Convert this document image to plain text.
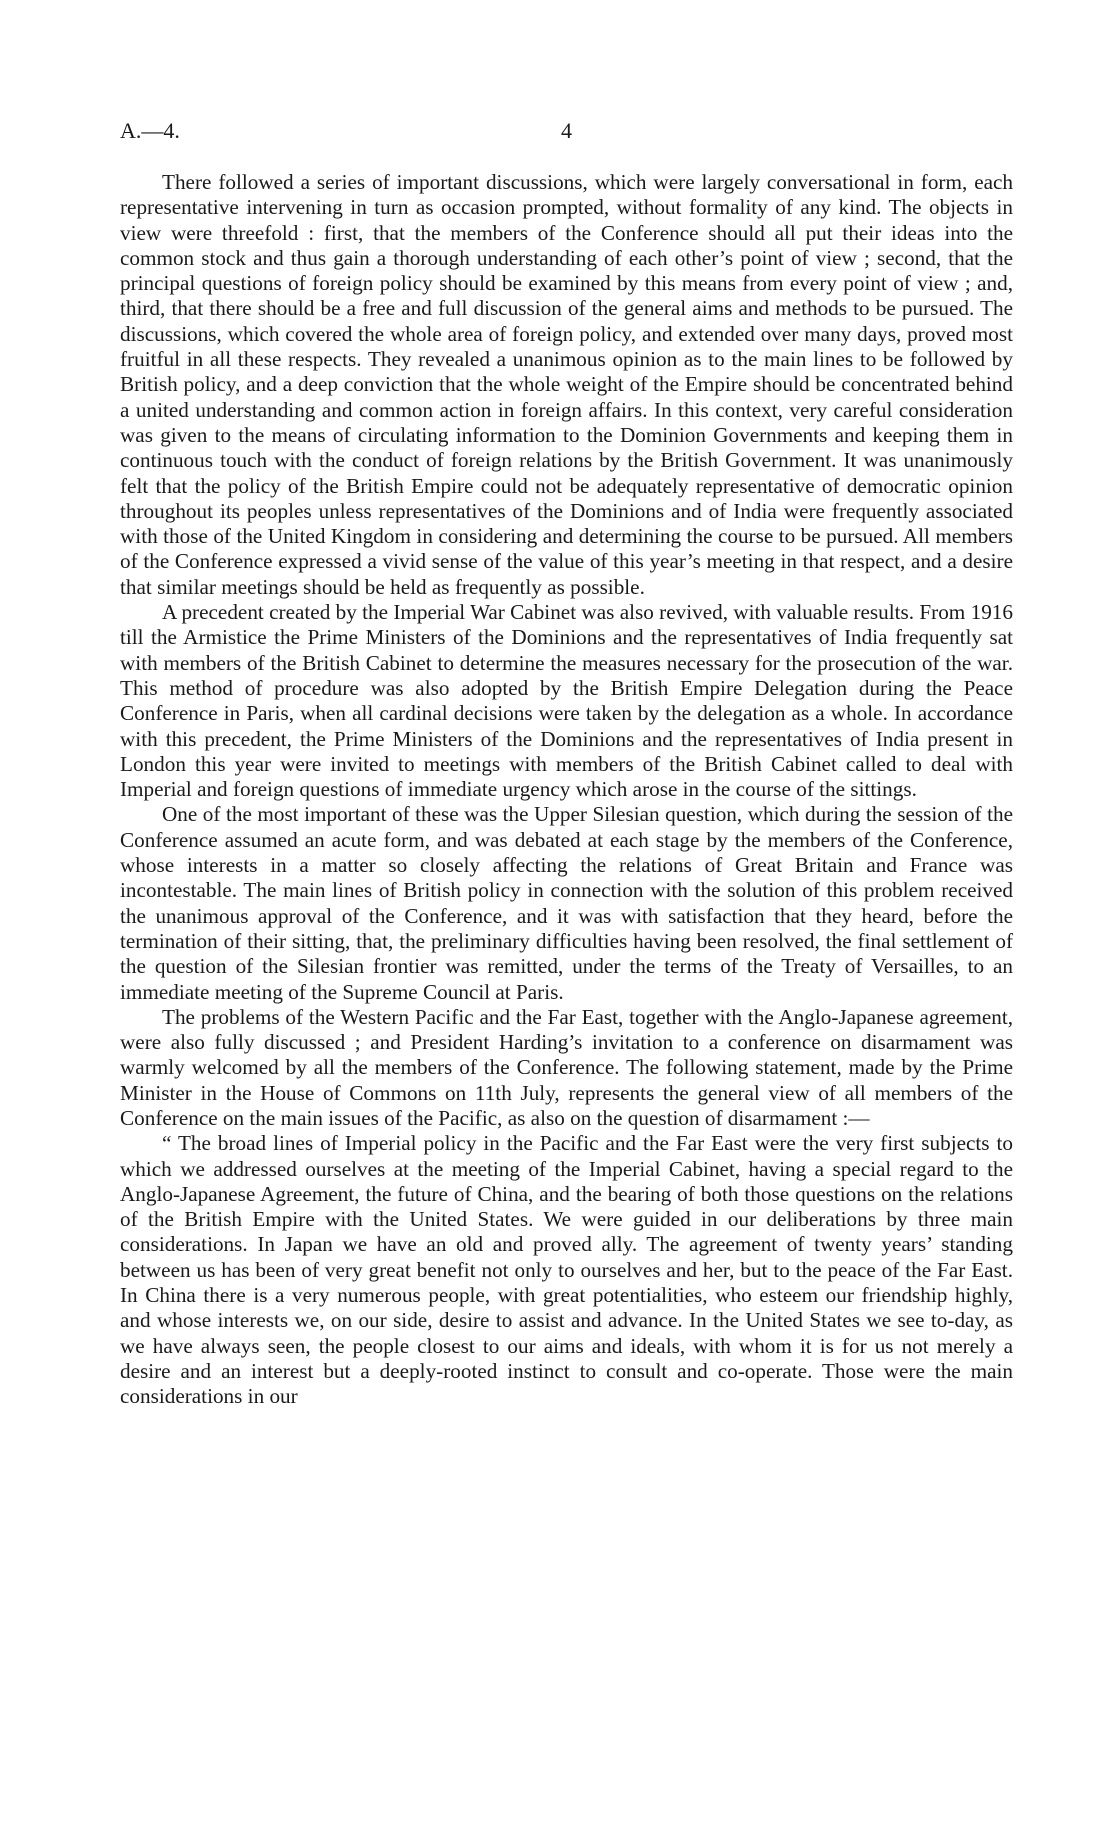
A.—4.	4

There followed a series of important discussions, which were largely conversational in form, each representative intervening in turn as occasion prompted, without formality of any kind. The objects in view were threefold : first, that the members of the Conference should all put their ideas into the common stock and thus gain a thorough understanding of each other’s point of view ; second, that the principal questions of foreign policy should be examined by this means from every point of view ; and, third, that there should be a free and full discussion of the general aims and methods to be pursued. The discussions, which covered the whole area of foreign policy, and extended over many days, proved most fruitful in all these respects. They revealed a unanimous opinion as to the main lines to be followed by British policy, and a deep conviction that the whole weight of the Empire should be concentrated behind a united understanding and common action in foreign affairs. In this context, very careful consideration was given to the means of circulating information to the Dominion Governments and keeping them in continuous touch with the conduct of foreign relations by the British Government. It was unanimously felt that the policy of the British Empire could not be adequately representative of democratic opinion throughout its peoples unless representatives of the Dominions and of India were frequently associated with those of the United Kingdom in considering and determining the course to be pursued. All members of the Conference expressed a vivid sense of the value of this year’s meeting in that respect, and a desire that similar meetings should be held as frequently as possible.

A precedent created by the Imperial War Cabinet was also revived, with valuable results. From 1916 till the Armistice the Prime Ministers of the Dominions and the representatives of India frequently sat with members of the British Cabinet to determine the measures necessary for the prosecution of the war. This method of procedure was also adopted by the British Empire Delegation during the Peace Conference in Paris, when all cardinal decisions were taken by the delegation as a whole. In accordance with this precedent, the Prime Ministers of the Dominions and the representatives of India present in London this year were invited to meetings with members of the British Cabinet called to deal with Imperial and foreign questions of immediate urgency which arose in the course of the sittings.

One of the most important of these was the Upper Silesian question, which during the session of the Conference assumed an acute form, and was debated at each stage by the members of the Conference, whose interests in a matter so closely affecting the relations of Great Britain and France was incontestable. The main lines of British policy in connection with the solution of this problem received the unanimous approval of the Conference, and it was with satisfaction that they heard, before the termination of their sitting, that, the preliminary difficulties having been resolved, the final settlement of the question of the Silesian frontier was remitted, under the terms of the Treaty of Versailles, to an immediate meeting of the Supreme Council at Paris.

The problems of the Western Pacific and the Far East, together with the Anglo-Japanese agreement, were also fully discussed ; and President Harding’s invitation to a conference on disarmament was warmly welcomed by all the members of the Conference. The following statement, made by the Prime Minister in the House of Commons on 11th July, represents the general view of all members of the Conference on the main issues of the Pacific, as also on the question of disarmament :—

“ The broad lines of Imperial policy in the Pacific and the Far East were the very first subjects to which we addressed ourselves at the meeting of the Imperial Cabinet, having a special regard to the Anglo-Japanese Agreement, the future of China, and the bearing of both those questions on the relations of the British Empire with the United States. We were guided in our deliberations by three main considerations. In Japan we have an old and proved ally. The agreement of twenty years’ standing between us has been of very great benefit not only to ourselves and her, but to the peace of the Far East. In China there is a very numerous people, with great potentialities, who esteem our friendship highly, and whose interests we, on our side, desire to assist and advance. In the United States we see to-day, as we have always seen, the people closest to our aims and ideals, with whom it is for us not merely a desire and an interest but a deeply-rooted instinct to consult and co-operate. Those were the main considerations in our
